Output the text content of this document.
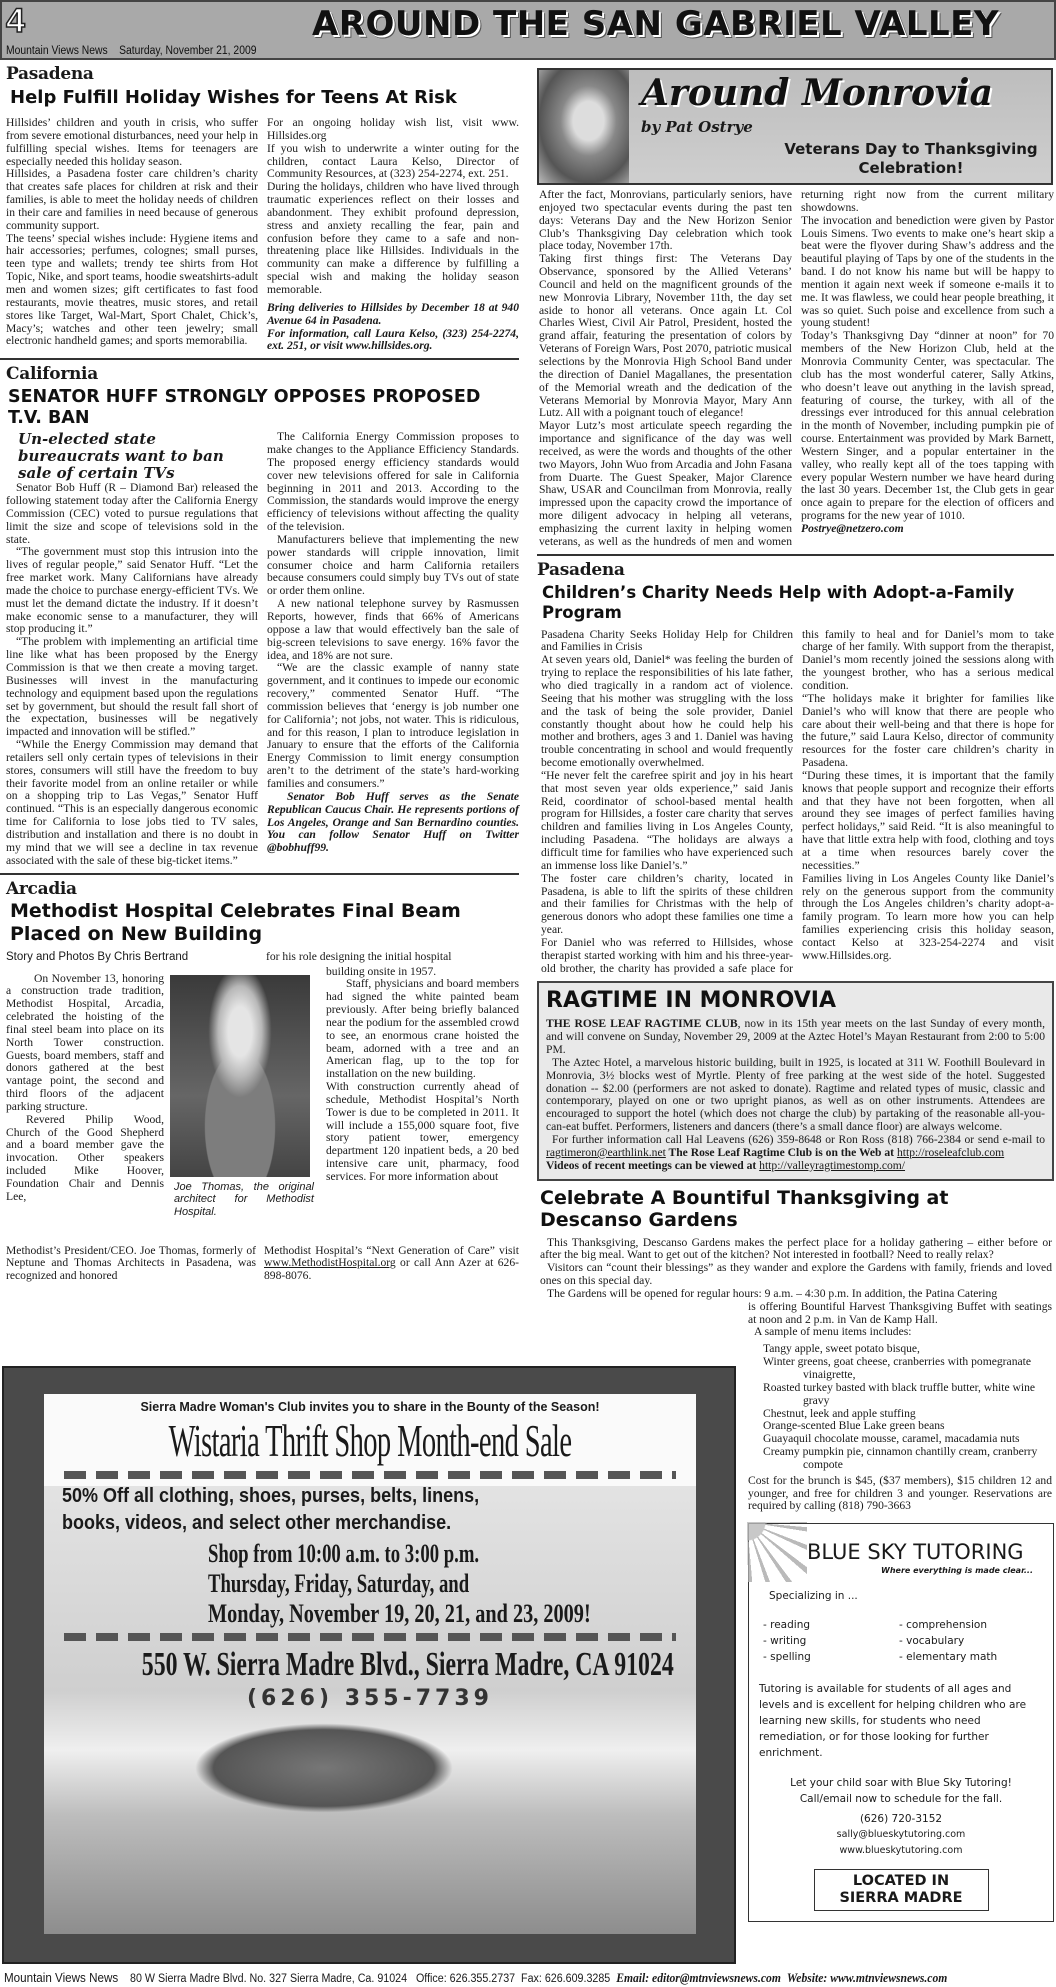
4	AROUND THE SAN GABRIEL VALLEY
Mountain Views News Saturday, November 21, 2009
Pasadena
Help Fulfill Holiday Wishes for Teens At Risk

Hillsides’ children and youth in crisis, who suffer from severe emotional disturbances, need your help in fulfilling special wishes. Items for teenagers are especially needed this holiday season.

Hillsides, a Pasadena foster care children’s charity that creates safe places for children at risk and their families, is able to meet the holiday needs of children in their care and families in need because of generous community support.

The teens’ special wishes include: Hygiene items and hair accessories; perfumes, colognes; small purses, teen type and wallets; trendy tee shirts from Hot Topic, Nike, and sport teams, hoodie sweatshirts-adult men and women sizes; gift certificates to fast food restaurants, movie theatres, music stores, and retail stores like Target, Wal-Mart, Sport Chalet, Chick’s, Macy’s; watches and other teen jewelry; small electronic handheld games; and sports memorabilia.

For an ongoing holiday wish list, visit www. Hillsides.org

If you wish to underwrite a winter outing for the children, contact Laura Kelso, Director of Community Resources, at (323) 254-2274, ext. 251.

During the holidays, children who have lived through traumatic experiences reflect on their losses and abandonment. They exhibit profound depression, stress and anxiety recalling the fear, pain and confusion before they came to a safe and non-threatening place like Hillsides. Individuals in the community can make a difference by fulfilling a special wish and making the holiday season memorable.

Bring deliveries to Hillsides by December 18 at 940 Avenue 64 in Pasadena.

For information, call Laura Kelso, (323) 254-2274, ext. 251, or visit www.hillsides.org.

California
SENATOR HUFF STRONGLY OPPOSES PROPOSED T.V. BAN

Un-elected state bureaucrats want to ban sale of certain TVs

Senator Bob Huff (R – Diamond Bar) released the following statement today after the California Energy Commission (CEC) voted to pursue regulations that limit the size and scope of televisions sold in the state.

“The government must stop this intrusion into the lives of regular people,” said Senator Huff. “Let the free market work. Many Californians have already made the choice to purchase energy-efficient TVs. We must let the demand dictate the industry. If it doesn’t make economic sense to a manufacturer, they will stop producing it.”

“The problem with implementing an artificial time line like what has been proposed by the Energy Commission is that we then create a moving target. Businesses will invest in the manufacturing technology and equipment based upon the regulations set by government, but should the result fall short of the expectation, businesses will be negatively impacted and innovation will be stifled.”

“While the Energy Commission may demand that retailers sell only certain types of televisions in their stores, consumers will still have the freedom to buy their favorite model from an online retailer or while on a shopping trip to Las Vegas,” Senator Huff continued. “This is an especially dangerous economic time for California to lose jobs tied to TV sales, distribution and installation and there is no doubt in my mind that we will see a decline in tax revenue associated with the sale of these big-ticket items.”

The California Energy Commission proposes to make changes to the Appliance Efficiency Standards. The proposed energy efficiency standards would cover new televisions offered for sale in California beginning in 2011 and 2013. According to the Commission, the standards would improve the energy efficiency of televisions without affecting the quality of the television.

Manufacturers believe that implementing the new power standards will cripple innovation, limit consumer choice and harm California retailers because consumers could simply buy TVs out of state or order them online.

A new national telephone survey by Rasmussen Reports, however, finds that 66% of Americans oppose a law that would effectively ban the sale of big-screen televisions to save energy. 16% favor the idea, and 18% are not sure.

“We are the classic example of nanny state government, and it continues to impede our economic recovery,” commented Senator Huff. “The commission believes that ‘energy is job number one for California’; not jobs, not water. This is ridiculous, and for this reason, I plan to introduce legislation in January to ensure that the efforts of the California Energy Commission to limit energy consumption aren’t to the detriment of the state’s hard-working families and consumers.”

Senator Bob Huff serves as the Senate Republican Caucus Chair. He represents portions of Los Angeles, Orange and San Bernardino counties. You can follow Senator Huff on Twitter @bobhuff99.

Arcadia
Methodist Hospital Celebrates Final Beam Placed on New Building
Story and Photos By Chris Bertrand	for his role designing the initial hospital

On November 13, honoring a construction trade tradition, Methodist Hospital, Arcadia, celebrated the hoisting of the final steel beam into place on its North Tower construction. Guests, board members, staff and donors gathered at the best vantage point, the second and third floors of the adjacent parking structure.

Revered Philip Wood, Church of the Good Shepherd and a board member gave the invocation. Other speakers included Mike Hoover, Foundation Chair and Dennis Lee,

Joe Thomas, the original architect for Methodist Hospital.

building onsite in 1957.

Staff, physicians and board members had signed the white painted beam previously. After being briefly balanced near the podium for the assembled crowd to see, an enormous crane hoisted the beam, adorned with a tree and an American flag, up to the top for installation on the new building.

With construction currently ahead of schedule, Methodist Hospital’s North Tower is due to be completed in 2011. It will include a 155,000 square foot, five story patient tower, emergency department 120 inpatient beds, a 20 bed intensive care unit, pharmacy, food services. For more information about

Methodist’s President/CEO. Joe Thomas, formerly of Neptune and Thomas Architects in Pasadena, was recognized and honored
Methodist Hospital’s “Next Generation of Care” visit www.MethodistHospital.org or call Ann Azer at 626-898-8076.
Around Monrovia
by Pat Ostrye
Veterans Day to Thanksgiving Celebration!

After the fact, Monrovians, particularly seniors, have enjoyed two spectacular events during the past ten days: Veterans Day and the New Horizon Senior Club’s Thanksgiving Day celebration which took place today, November 17th.

Taking first things first: The Veterans Day Observance, sponsored by the Allied Veterans’ Council and held on the magnificent grounds of the new Monrovia Library, November 11th, the day set aside to honor all veterans. Once again Lt. Col Charles Wiest, Civil Air Patrol, President, hosted the grand affair, featuring the presentation of colors by Veterans of Foreign Wars, Post 2070, patriotic musical selections by the Monrovia High School Band under the direction of Daniel Magallanes, the presentation of the Memorial wreath and the dedication of the Veterans Memorial by Monrovia Mayor, Mary Ann Lutz. All with a poignant touch of elegance!

Mayor Lutz’s most articulate speech regarding the importance and significance of the day was well received, as were the words and thoughts of the other two Mayors, John Wuo from Arcadia and John Fasana from Duarte. The Guest Speaker, Major Clarence Shaw, USAR and Councilman from Monrovia, really impressed upon the capacity crowd the importance of more diligent advocacy in helping all veterans, emphasizing the current laxity in helping women veterans, as well as the hundreds of men and women returning right now from the current military showdowns.

The invocation and benediction were given by Pastor Louis Simens. Two events to make one’s heart skip a beat were the flyover during Shaw’s address and the beautiful playing of Taps by one of the students in the band. I do not know his name but will be happy to mention it again next week if someone e-mails it to me. It was flawless, we could hear people breathing, it was so quiet. Such poise and excellence from such a young student!

Today’s Thanksgivng Day “dinner at noon” for 70 members of the New Horizon Club, held at the Monrovia Community Center, was spectacular. The club has the most wonderful caterer, Sally Atkins, who doesn’t leave out anything in the lavish spread, featuring of course, the turkey, with all of the dressings ever introduced for this annual celebration in the month of November, including pumpkin pie of course. Entertainment was provided by Mark Barnett, Western Singer, and a popular entertainer in the valley, who really kept all of the toes tapping with every popular Western number we have heard during the last 30 years. December 1st, the Club gets in gear once again to prepare for the election of officers and programs for the new year of 1010.

Postrye@netzero.com

Pasadena
Children’s Charity Needs Help with Adopt-a-Family Program

Pasadena Charity Seeks Holiday Help for Children and Families in Crisis

At seven years old, Daniel* was feeling the burden of trying to replace the responsibilities of his late father, who died tragically in a random act of violence. Seeing that his mother was struggling with the loss and the task of being the sole provider, Daniel constantly thought about how he could help his mother and brothers, ages 3 and 1. Daniel was having trouble concentrating in school and would frequently become emotionally overwhelmed.

“He never felt the carefree spirit and joy in his heart that most seven year olds experience,” said Janis Reid, coordinator of school-based mental health program for Hillsides, a foster care charity that serves children and families living in Los Angeles County, including Pasadena. “The holidays are always a difficult time for families who have experienced such an immense loss like Daniel’s.”

The foster care children’s charity, located in Pasadena, is able to lift the spirits of these children and their families for Christmas with the help of generous donors who adopt these families one time a year.

For Daniel who was referred to Hillsides, whose therapist started working with him and his three-year-old brother, the charity has provided a safe place for this family to heal and for Daniel’s mom to take charge of her family. With support from the therapist, Daniel’s mom recently joined the sessions along with the youngest brother, who has a serious medical condition.

“The holidays make it brighter for families like Daniel’s who will know that there are people who care about their well-being and that there is hope for the future,” said Laura Kelso, director of community resources for the foster care children’s charity in Pasadena.

“During these times, it is important that the family knows that people support and recognize their efforts and that they have not been forgotten, when all around they see images of perfect families having perfect holidays,” said Reid. “It is also meaningful to have that little extra help with food, clothing and toys at a time when resources barely cover the necessities.”

Families living in Los Angeles County like Daniel’s rely on the generous support from the community through the Los Angeles children’s charity adopt-a-family program. To learn more how you can help families experiencing crisis this holiday season, contact Kelso at 323-254-2274 and visit www.Hillsides.org.

RAGTIME IN MONROVIA

THE ROSE LEAF RAGTIME CLUB, now in its 15th year meets on the last Sunday of every month, and will convene on Sunday, November 29, 2009 at the Aztec Hotel’s Mayan Restaurant from 2:00 to 5:00 PM.

The Aztec Hotel, a marvelous historic building, built in 1925, is located at 311 W. Foothill Boulevard in Monrovia, 3½ blocks west of Myrtle. Plenty of free parking at the west side of the hotel. Suggested donation -- $2.00 (performers are not asked to donate). Ragtime and related types of music, classic and contemporary, played on one or two upright pianos, as well as on other instruments. Attendees are encouraged to support the hotel (which does not charge the club) by partaking of the reasonable all-you-can-eat buffet. Performers, listeners and dancers (there’s a small dance floor) are always welcome.

For further information call Hal Leavens (626) 359-8648 or Ron Ross (818) 766-2384 or send e-mail to ragtimeron@earthlink.net The Rose Leaf Ragtime Club is on the Web at http://roseleafclub.com

Videos of recent meetings can be viewed at http://valleyragtimestomp.com/

Celebrate A Bountiful Thanksgiving at Descanso Gardens

This Thanksgiving, Descanso Gardens makes the perfect place for a holiday gathering – either before or after the big meal. Want to get out of the kitchen? Not interested in football? Need to really relax?

Visitors can “count their blessings” as they wander and explore the Gardens with family, friends and loved ones on this special day.

The Gardens will be opened for regular hours: 9 a.m. – 4:30 p.m. In addition, the Patina Catering

is offering Bountiful Harvest Thanksgiving Buffet with seatings at noon and 2 p.m. in Van de Kamp Hall.

A sample of menu items includes:

Tangy apple, sweet potato bisque,
Winter greens, goat cheese, cranberries with pomegranate vinaigrette,
Roasted turkey basted with black truffle butter, white wine gravy
Chestnut, leek and apple stuffing
Orange-scented Blue Lake green beans
Guayaquil chocolate mousse, caramel, macadamia nuts
Creamy pumpkin pie, cinnamon chantilly cream, cranberry compote

Cost for the brunch is $45, ($37 members), $15 children 12 and younger, and free for children 3 and younger. Reservations are required by calling (818) 790-3663

BLUE SKY TUTORING
Where everything is made clear...
Specializing in ...
- reading
- writing
- spelling
- comprehension
- vocabulary
- elementary math
Tutoring is available for students of all ages and levels and is excellent for helping children who are learning new skills, for students who need remediation, or for those looking for further enrichment.
Let your child soar with Blue Sky Tutoring!
Call/email now to schedule for the fall.
(626) 720-3152
sally@blueskytutoring.com
www.blueskytutoring.com
LOCATED IN SIERRA MADRE
Sierra Madre Woman's Club invites you to share in the Bounty of the Season!
Wistaria Thrift Shop Month-end Sale
50% Off all clothing, shoes, purses, belts, linens, books, videos, and select other merchandise.
Shop from 10:00 a.m. to 3:00 p.m.
Thursday, Friday, Saturday, and
Monday, November 19, 20, 21, and 23, 2009!
550 W. Sierra Madre Blvd., Sierra Madre, CA 91024
(626) 355-7739
Mountain Views News 80 W Sierra Madre Blvd. No. 327 Sierra Madre, Ca. 91024 Office: 626.355.2737 Fax: 626.609.3285 Email: editor@mtnviewsnews.com Website: www.mtnviewsnews.com
